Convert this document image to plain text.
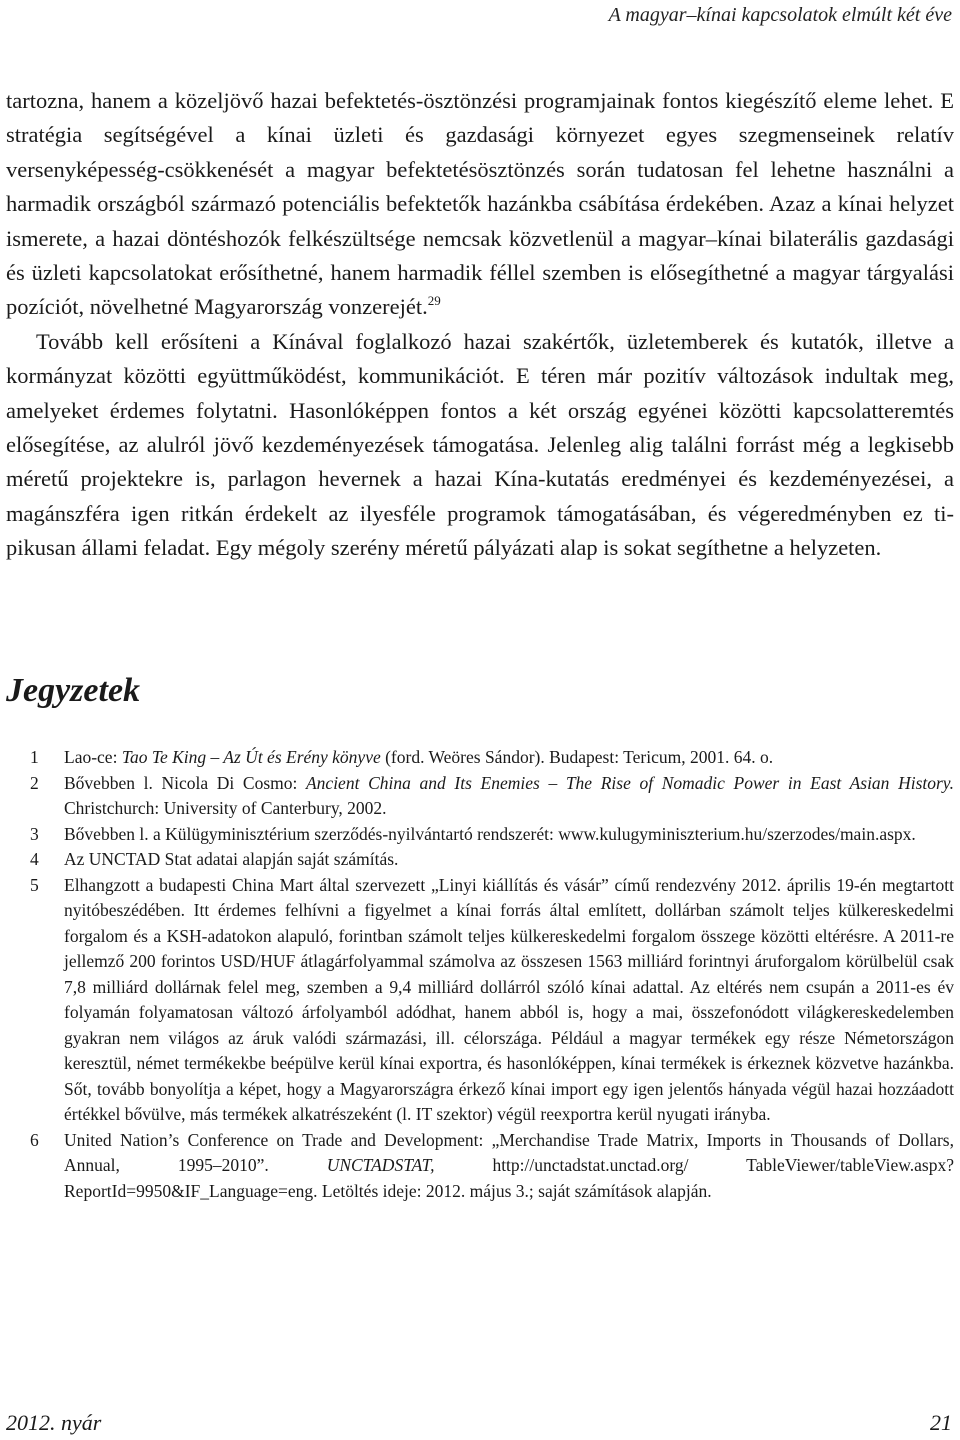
A magyar–kínai kapcsolatok elmúlt két éve

tartozna, hanem a közeljövő hazai befektetés-ösztönzési programjainak fontos kiegészítő eleme lehet. E stratégia segítségével a kínai üzleti és gazdasági környezet egyes szegmenseinek relatív versenyképesség-csökkenését a magyar befektetésösztönzés során tudatosan fel lehetne használni a harmadik országból származó potenciális befektetők hazánkba csábítása érdekében. Azaz a kínai helyzet ismerete, a hazai döntéshozók felkészültsége nemcsak közvetlenül a magyar–kínai bilaterális gazdasági és üzleti kapcsolatokat erősíthetné, hanem harmadik féllel szemben is elősegíthetné a magyar tárgyalási pozíciót, növelhetné Magyarország vonzerejét.$^{29}$

Tovább kell erősíteni a Kínával foglalkozó hazai szakértők, üzletemberek és kutatók, illetve a kormányzat közötti együttműködést, kommunikációt. E téren már pozitív változások indultak meg, amelyeket érdemes folytatni. Hasonlóképpen fontos a két ország egyénei közötti kapcsolatteremtés elősegítése, az alulról jövő kezdeményezések támogatása. Jelenleg alig találni forrást még a legkisebb méretű projektekre is, parlagon hevernek a hazai Kína-kutatás eredményei és kezdeményezései, a magánszféra igen ritkán érdekelt az ilyesféle programok támogatásában, és végeredményben ez tipikusan állami feladat. Egy mégoly szerény méretű pályázati alap is sokat segíthetne a helyzeten.

Jegyzetek
1	Lao-ce: Tao Te King – Az Út és Erény könyve (ford. Weöres Sándor). Budapest: Tericum, 2001. 64. o.
2	Bővebben l. Nicola Di Cosmo: Ancient China and Its Enemies – The Rise of Nomadic Power in East Asian History. Christchurch: University of Canterbury, 2002.
3	Bővebben l. a Külügyminisztérium szerződés-nyilvántartó rendszerét: www.kulugyminiszterium.hu/szerzodes/main.aspx.
4	Az UNCTAD Stat adatai alapján saját számítás.
5	Elhangzott a budapesti China Mart által szervezett „Linyi kiállítás és vásár” című rendezvény 2012. április 19-én megtartott nyitóbeszédében. Itt érdemes felhívni a figyelmet a kínai forrás által említett, dollárban számolt teljes külkereskedelmi forgalom és a KSH-adatokon alapuló, forintban számolt teljes külkereskedelmi forgalom összege közötti eltérésre. A 2011-re jellemző 200 forintos USD/HUF átlagárfolyammal számolva az összesen 1563 milliárd forintnyi áruforgalom körülbelül csak 7,8 milliárd dollárnak felel meg, szemben a 9,4 milliárd dollárról szóló kínai adattal. Az eltérés nem csupán a 2011-es év folyamán folyamatosan változó árfolyamból adódhat, hanem abból is, hogy a mai, összefonódott világkereskedelemben gyakran nem világos az áruk valódi származási, ill. célországa. Például a magyar termékek egy része Németországon keresztül, német termékekbe beépülve kerül kínai exportra, és hasonlóképpen, kínai termékek is érkeznek közvetve hazánkba. Sőt, tovább bonyolítja a képet, hogy a Magyarországra érkező kínai import egy igen jelentős hányada végül hazai hozzáadott értékkel bővülve, más termékek alkatrészeként (l. IT szektor) végül reexportra kerül nyugati irányba.
6	United Nation’s Conference on Trade and Development: „Merchandise Trade Matrix, Imports in Thousands of Dollars, Annual, 1995–2010”. UNCTADSTAT, http://unctadstat.unctad.org/ TableViewer/tableView.aspx?ReportId=9950&IF_Language=eng. Letöltés ideje: 2012. május 3.; saját számítások alapján.
2012. nyár	21
